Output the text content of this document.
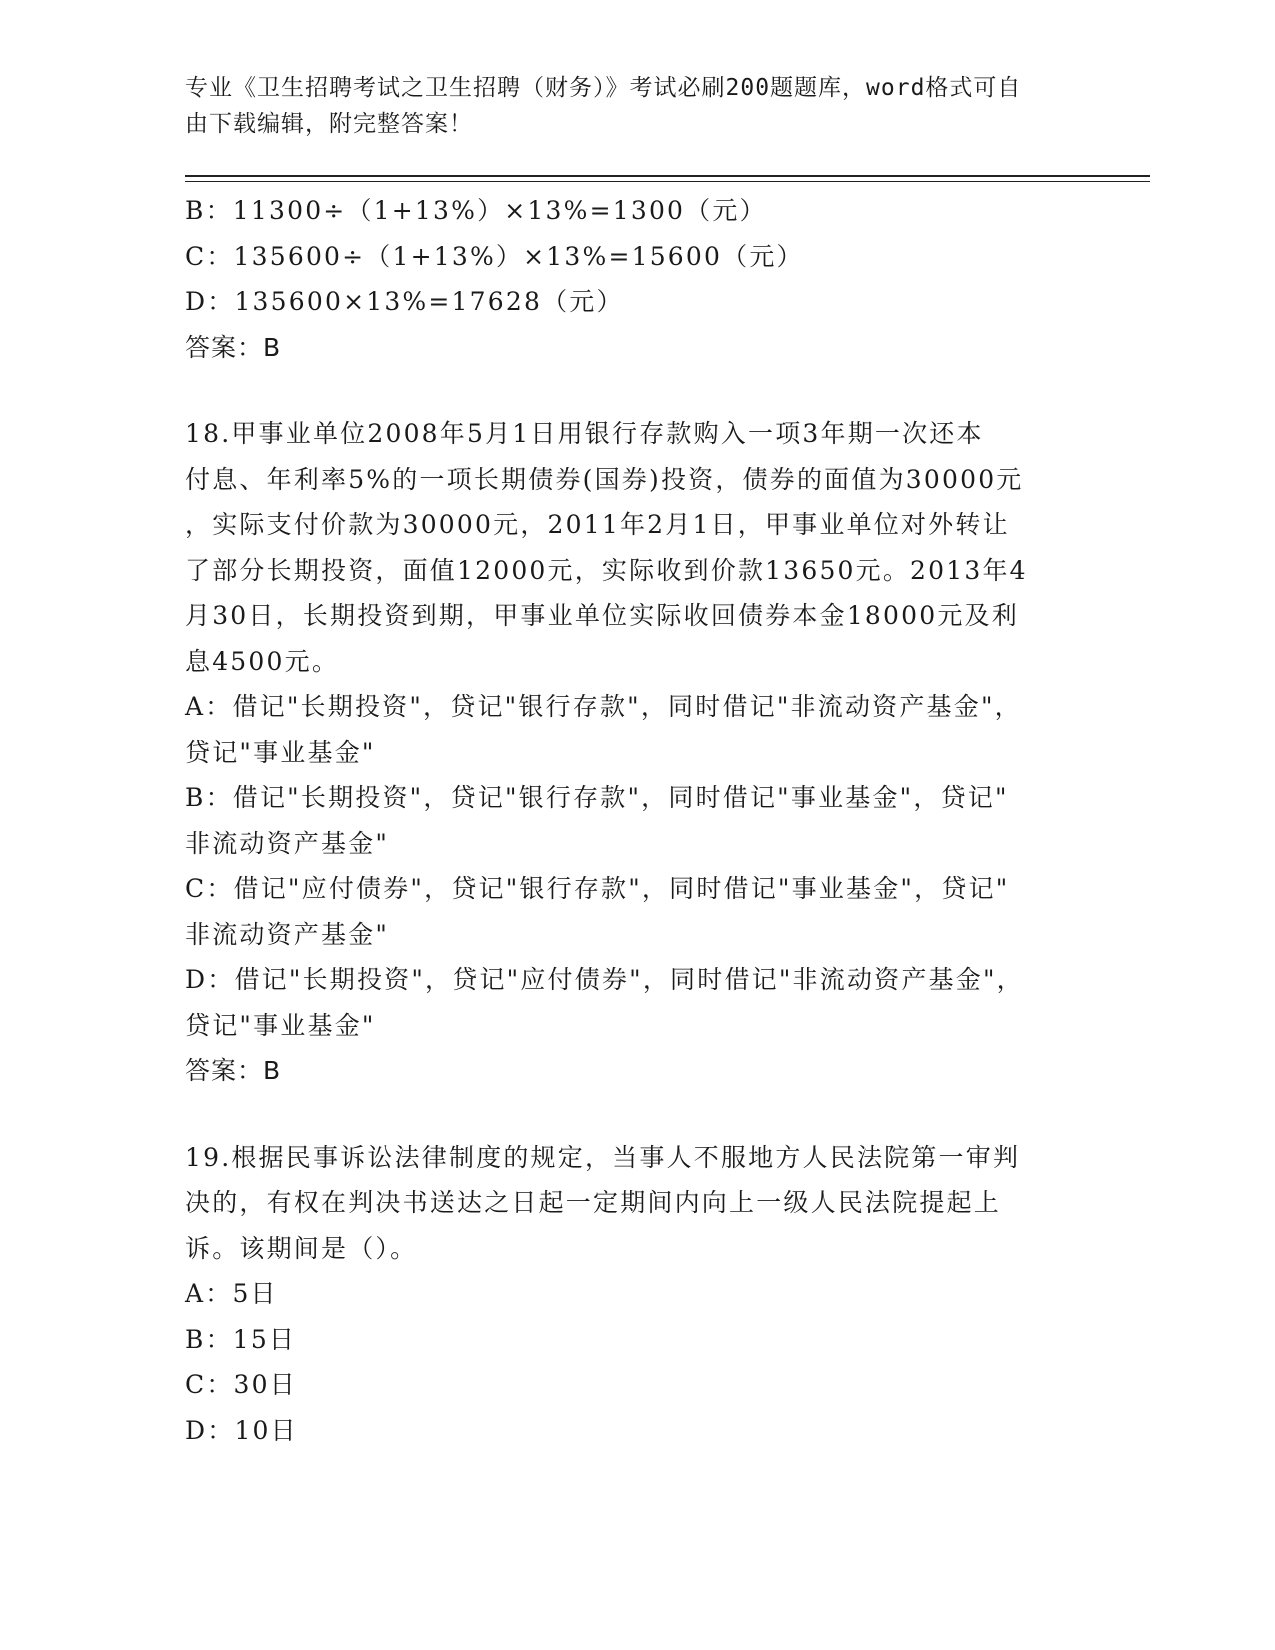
专业《卫生招聘考试之卫生招聘（财务）》考试必刷200题题库，word格式可自
由下载编辑，附完整答案！
B：11300÷（1+13%）×13%=1300（元）
C：135600÷（1+13%）×13%=15600（元）
D：135600×13%=17628（元）
答案：B
18.甲事业单位2008年5月1日用银行存款购入一项3年期一次还本
付息、年利率5%的一项长期债券(国券)投资，债券的面值为30000元
，实际支付价款为30000元，2011年2月1日，甲事业单位对外转让
了部分长期投资，面值12000元，实际收到价款13650元。2013年4
月30日，长期投资到期，甲事业单位实际收回债券本金18000元及利
息4500元。
A：借记"长期投资"，贷记"银行存款"，同时借记"非流动资产基金"，
贷记"事业基金"
B：借记"长期投资"，贷记"银行存款"，同时借记"事业基金"，贷记"
非流动资产基金"
C：借记"应付债券"，贷记"银行存款"，同时借记"事业基金"，贷记"
非流动资产基金"
D：借记"长期投资"，贷记"应付债券"，同时借记"非流动资产基金"，
贷记"事业基金"
答案：B
19.根据民事诉讼法律制度的规定，当事人不服地方人民法院第一审判
决的，有权在判决书送达之日起一定期间内向上一级人民法院提起上
诉。该期间是（）。
A：5日
B：15日
C：30日
D：10日
